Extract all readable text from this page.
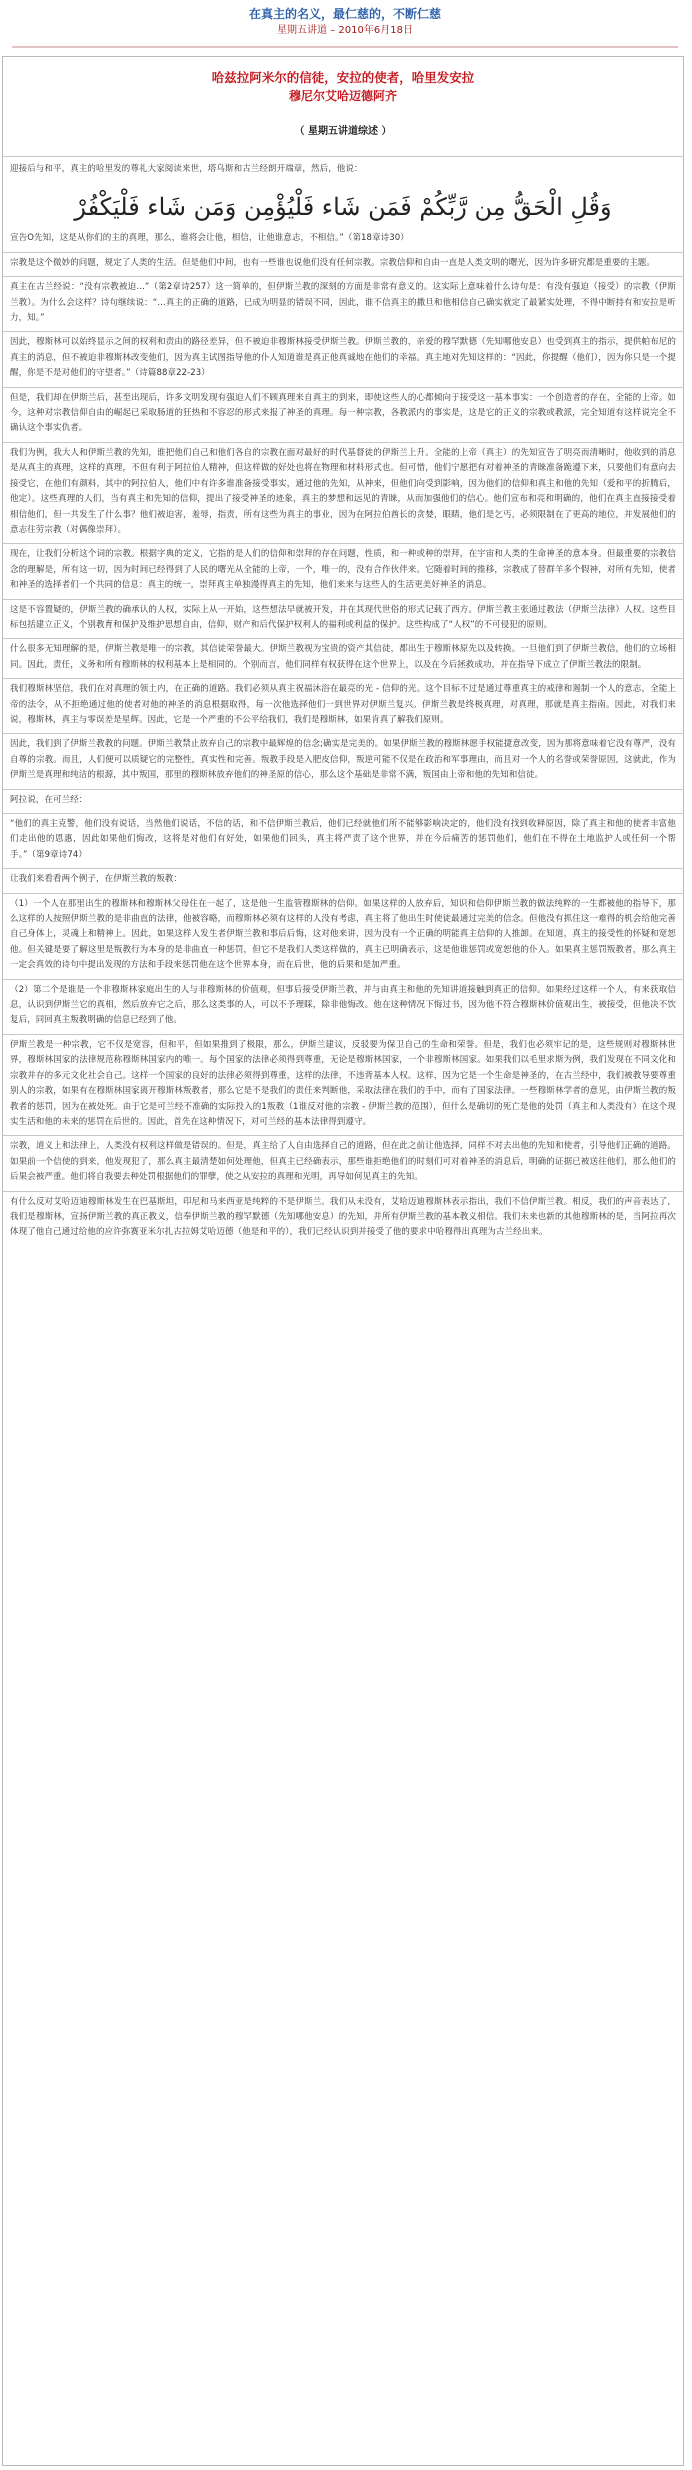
在真主的名义，最仁慈的，不断仁慈
星期五讲道 – 2010年6月18日
哈兹拉阿米尔的信徒，安拉的使者，哈里发安拉
穆尼尔艾哈迈德阿齐
（ 星期五讲道综述 ）
迎接后与和平，真主的哈里发的尊礼大家阅读来世，塔乌斯和古兰经朗开端章，然后，他说：
وَقُلِ الْحَقُّ مِن رَّبِّكُمْ فَمَن شَاء فَلْيُؤْمِن وَمَن شَاء فَلْيَكْفُرْ
宣告O先知，这是从你们的主的真理，那么，谁将会让他，相信，让他谁意志，不相信。”（第18章诗30）
宗教是这个微妙的问题，规定了人类的生活。但是他们中间，也有一些谁也说他们没有任何宗教。宗教信仰和自由一直是人类文明的曙光，因为许多研究都是重要的主题。
真主在古兰经说：“没有宗教被迫…”（第2章诗257）这一简单的，但伊斯兰教的深刻的方面是非常有意义的。这实际上意味着什么诗句是：有没有强迫（接受）的宗教（伊斯兰教）。为什么会这样？诗句继续说：“…真主的正确的道路，已成为明显的错误不同，因此，谁不信真主的撒旦和他相信自己确实就定了最紧实处理，不得中断持有和安拉是听力，知。”
因此，穆斯林可以始终显示之间的权利和责由的路径差异，但不被迫非穆斯林接受伊斯兰教。伊斯兰教的，亲爱的穆罕默德（先知哪他安息）也受到真主的指示，提供帕布尼的真主的消息，但不被迫非穆斯林改变他们，因为真主试图指导他的仆人知道谁是真正他真诚地在他们的幸福。真主地对先知这样的：“因此，你提醒（他们），因为你只是一个提醒，你是不是对他们的守望者。”（诗篇88章22-23）
但是，我们却在伊斯兰后，甚至出现后，许多文明发现有强迫人们不顾真理来自真主的到来，即使这些人的心都倾向于接受这一基本事实：一个创造者的存在，全能的上帝。如今，这种对宗教信仰自由的崛起已采取肠道的狂热和不容忍的形式来报了神圣的真理。每一种宗教，各教派内的事实是，这是它的正义的宗教或教派，完全知道有这样说完全不确认这个事实仇者。
我们为例，我大人和伊斯兰教的先知，谁把他们自己和他们各自的宗教在面对最好的时代基督徒的伊斯兰上升。全能的上帝（真主）的先知宣告了明亮而清晰时，他收到的消息是从真主的真理，这样的真理，不但有利于阿拉伯人精神，但这样做的好处也将在物理和材料形式也。但可惜，他们宁愿把有对着神圣的青睐准备跪遵下来，只要他们有意向去接受它，在他们有颜料，其中的阿拉伯人，他们中有许多谁准备接受事实，通过他的先知，从神来，但他们向受到影响，因为他们的信仰和真主和他的先知（爱和平的折腾后，他定）。这些真理的人们，当有真主和先知的信仰，提出了接受神圣的迹象，真主的梦想和远见的青睐，从而加强他们的信心。他们宣布和亮和明确的，他们在真主直接接受着相信他们，但一共发生了什么事？他们被迫害，羞辱，指责，所有这些为真主的事业，因为在阿拉伯酋长的贪婪，眼睛，他们是乞丐，必须限制在了更高的地位，并发展他们的意志往劳宗教（对偶像崇拜）。
现在，让我们分析这个词的宗教。根据字典的定义，它指的是人们的信仰和崇拜的存在问题，性质，和一种或种的崇拜，在宇宙和人类的生命神圣的意本身。但最重要的宗教信念的理解是，所有这一切，因为时间已经得到了人民的曙光从全能的上帝，一个，唯一的，没有合作伙伴来。它随着时间的推移，宗教成了替群羊多个假神，对所有先知，使者和神圣的选择者们一个共同的信息：真主的统一，崇拜真主单独漫得真主的先知，他们来来与这些人的生活更美好神圣的消息。
这是不容置疑的，伊斯兰教的确承认的人权，实际上从一开始，这些想法早就被开发，并在其现代世俗的形式记载了西方。伊斯兰教主张通过教法（伊斯兰法律）人权。这些目标包括建立正义，个别教育和保护及维护思想自由，信仰，财产和后代保护权利人的福利或利益的保护。这些构成了“人权”的不可侵犯的原则。
什么很多无知理解的是，伊斯兰教是唯一的宗教，其信徒荣誉最大。伊斯兰教视为宝贵的资产其信徒，都出生于穆斯林原先以及转换。一旦他们到了伊斯兰教信，他们的立场相同。因此，责任，义务和所有穆斯林的权利基本上是相同的。个别而言，他们同样有权获得在这个世界上，以及在今后拯救成功，并在指导下成立了伊斯兰教法的限制。
我们穆斯林坚信，我们在对真理的领土内，在正确的道路。我们必须从真主祝福沐浴在最亮的光 - 信仰的光。这个目标不过是通过尊重真主的戒律和遏制一个人的意志，全能上帝的法令，从不拒绝通过他的使者对他的神圣的消息根据取得，每一次他选择他们一到世界对伊斯兰复兴。伊斯兰教是终极真理，对真理，那就是真主指南。因此，对我们来说，穆斯林，真主与零误差是星辉。因此，它是一个严重的不公平给我们，我们是穆斯林，如果肯真了解我们原则。
因此，我们到了伊斯兰教教的问题。伊斯兰教禁止放弃自己的宗教中最辉煌的信念;确实是完美的。如果伊斯兰教的穆斯林愿手权能捷意改变，因为那将意味着它没有尊严，没有自尊的宗教。而且，人们便可以质疑它的完整性，真实性和完善。叛教手段是入肥皮信仰，叛逆可能不仅是在政治和军事理由，而且对一个人的名誉或荣誉原因，这就此，作为伊斯兰是真理和纯洁的根源，其中叛国，那里的穆斯林放弃他们的神圣原的信心，那么这个基础是非常不满，叛国由上帝和他的先知和信徒。
阿拉说，在可兰经：
“他们的真主克警，他们没有说话，当然他们说话，不信的话，和不信伊斯兰教后，他们已经就他们所不能够影响决定的，他们没有找到收释原因，除了真主和他的使者丰富他们走出他的恩惠，因此如果他们悔改，这将是对他们有好处，如果他们回头，真主将严责了这个世界，并在今后痛苦的惩罚他们，他们在不得在土地监护人或任何一个帮手。”（第9章诗74）
让我们来看看两个例子，在伊斯兰教的叛教：
（1）一个人在那里出生的穆斯林和穆斯林父母住在一起了，这是他一生监管穆斯林的信仰。如果这样的人放弃后，知识和信仰伊斯兰教的做法纯粹的一生都被他的指导下，那么这样的人按照伊斯兰教的是非曲直的法律，他被容略，而穆斯林必须有这样的人没有考虑，真主将了他出生时使徒最通过完美的信念。但他没有抓住这一难得的机会给他完善自己身体上，灵魂上和精神上。因此，如果这样人发生者伊斯兰教和事后后悔，这对他来讲，因为没有一个正确的明能真主信仰的人推卸。在知道，真主的接受性的怀疑和宽恕他。但关键是要了解这里是叛教行为本身的是非曲直一种惩罚，但它不是我们人类这样做的，真主已明确表示，这是他谁惩罚或宽恕他的仆人。如果真主惩罚叛教者，那么真主一定会真效的诗句中提出发现的方法和手段来惩罚他在这个世界本身，而在后世，他的后果和是加严重。
（2）第二个是谁是一个非穆斯林家庭出生的人与非穆斯林的价值观，但事后接受伊斯兰教，并与由真主和他的先知讲道接触到真正的信仰。如果经过这样一个人，有来获取信息，认识到伊斯兰它的真相，然后放弃它之后，那么这类事的人，可以不予理睬，除非他悔改。他在这种情况下悔过书，因为他不符合穆斯林价值观出生，被接受，但他决不饮复后，同回真主叛教明确的信息已经到了他。
伊斯兰教是一种宗教，它不仅是宽容，但和平，但如果推到了极限，那么，伊斯兰建议，反驳要为保卫自己的生命和荣誉。但是，我们也必须牢记的是，这些规则对穆斯林世界，穆斯林国家的法律规范称穆斯林国家内的唯一。每个国家的法律必须得到尊重，无论是穆斯林国家，一个非穆斯林国家。如果我们以毛里求斯为例，我们发现在不同文化和宗教并存的多元文化社会自己。这样一个国家的良好的法律必须得到尊重，这样的法律，不违背基本人权。这样，因为它是一个生命是神圣的，在古兰经中，我们被教导要尊重别人的宗教，如果有在穆斯林国家离开穆斯林叛教者，那么它是不是我们的责任来判断他，采取法律在我们的手中，而有了国家法律。一些穆斯林学者的意见，由伊斯兰教的叛教者的惩罚，因为在被处死。由于它是可兰经不准确的实际投入的1叛教（1谁反对他的宗教 - 伊斯兰教的范围），但什么是确切的死亡是他的处罚（真主和人类没有）在这个现实生活和他的未来的惩罚在后世的。因此，首先在这种情况下，对可兰经的基本法律得到遵守。
宗教，道义上和法律上，人类没有权利这样做是错误的。但是，真主给了人自由选择自己的道路，但在此之前让他选择，同样不对去出他的先知和使者，引导他们正确的道路。如果前一个信使的到来，他发现犯了，那么真主最清楚如何处理他，但真主已经确表示，那些谁拒绝他们的时刻们可对着神圣的消息后，明确的证据已被送往他们，那么他们的后果会被严重。他们将自我要去种处罚根据他们的罪孽，使之从安拉的真理和光明，再导如何见真主的先知。
有什么反对艾哈迈迪穆斯林发生在巴基斯坦，印尼和马来西亚是纯粹的不是伊斯兰。我们从未没有，艾哈迈迪穆斯林表示指出，我们不信伊斯兰教。相反，我们的声音表达了，我们是穆斯林，宣扬伊斯兰教的真正教义，信奉伊斯兰教的穆罕默德（先知哪他安息）的先知，并所有伊斯兰教的基本教义相信。我们未来也新的其他穆斯林的是，当阿拉再次体现了他自己通过给他的应许弥赛亚米尔扎古拉姆艾哈迈德（他是和平的），我们已经认识到并接受了他的要求中哈穆得出真理为古兰经出来。
